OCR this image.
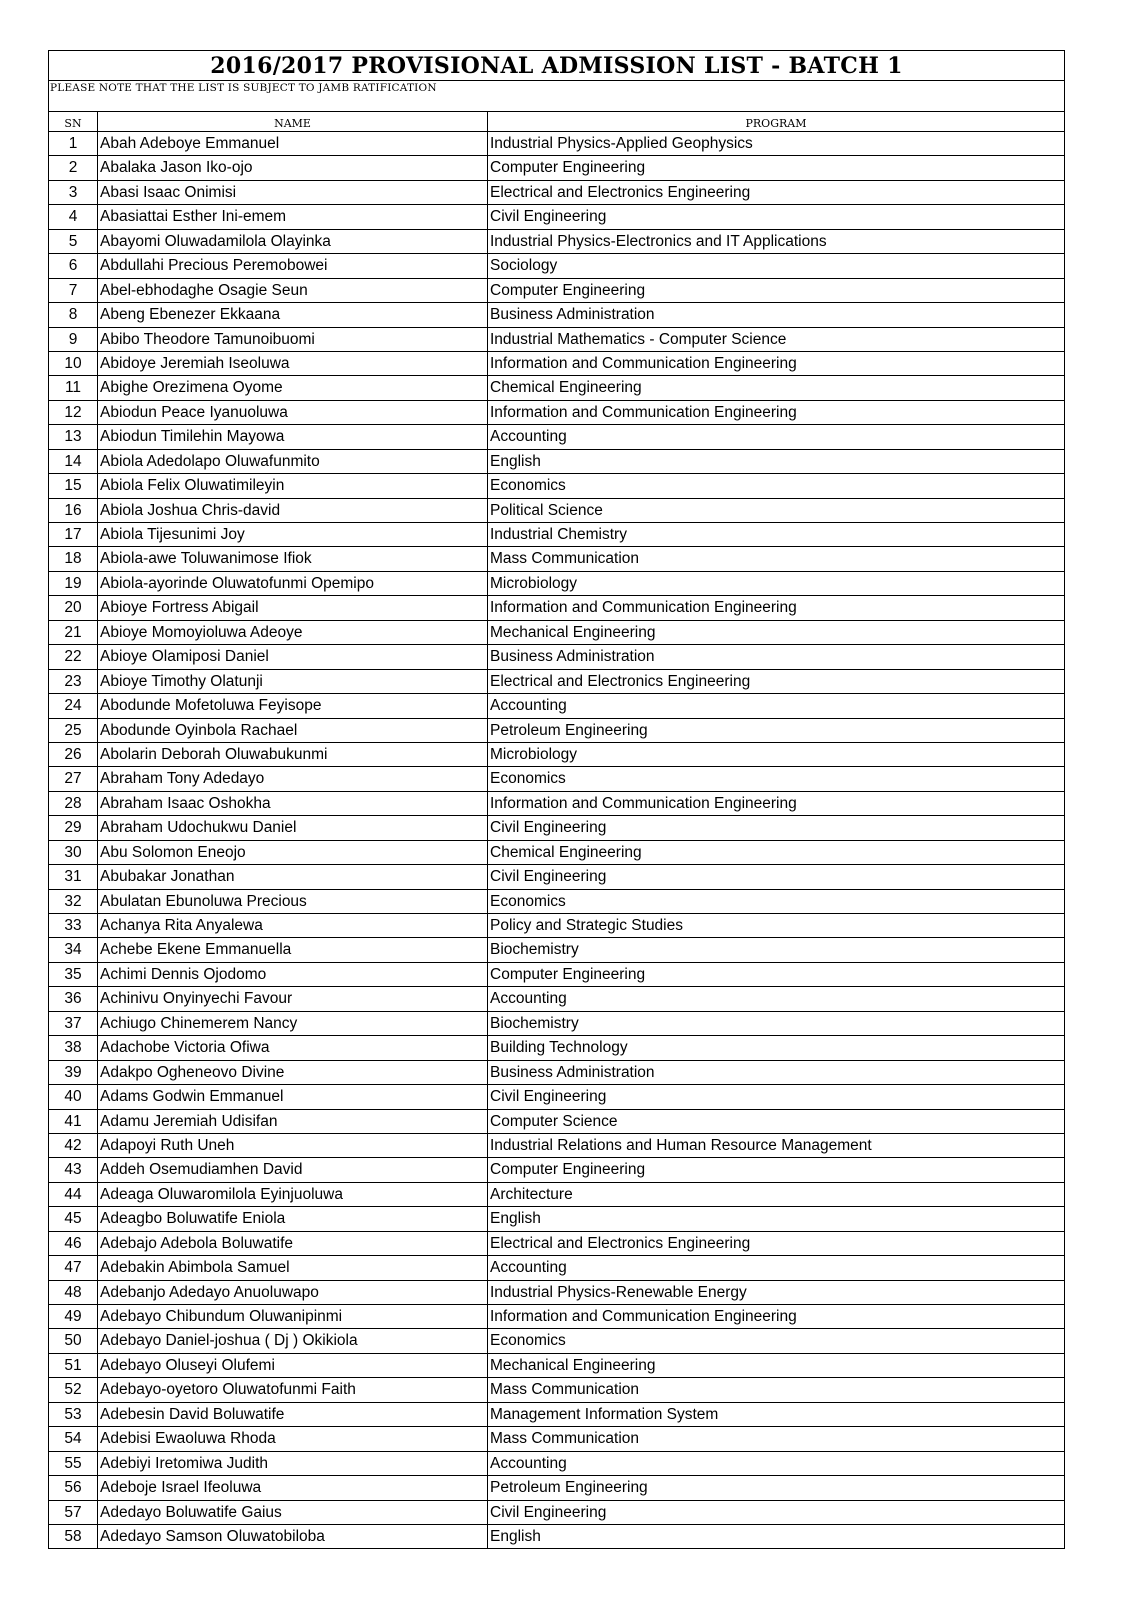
2016/2017 PROVISIONAL ADMISSION LIST - BATCH 1
PLEASE NOTE THAT THE LIST IS SUBJECT TO JAMB RATIFICATION
SN	NAME	PROGRAM
1	Abah Adeboye Emmanuel	Industrial Physics-Applied Geophysics
2	Abalaka Jason Iko-ojo	Computer Engineering
3	Abasi Isaac Onimisi	Electrical and Electronics Engineering
4	Abasiattai Esther Ini-emem	Civil Engineering
5	Abayomi Oluwadamilola Olayinka	Industrial Physics-Electronics and IT Applications
6	Abdullahi Precious Peremobowei	Sociology
7	Abel-ebhodaghe Osagie Seun	Computer Engineering
8	Abeng Ebenezer Ekkaana	Business Administration
9	Abibo Theodore Tamunoibuomi	Industrial Mathematics - Computer Science
10	Abidoye Jeremiah Iseoluwa	Information and Communication Engineering
11	Abighe Orezimena Oyome	Chemical Engineering
12	Abiodun Peace Iyanuoluwa	Information and Communication Engineering
13	Abiodun Timilehin Mayowa	Accounting
14	Abiola Adedolapo Oluwafunmito	English
15	Abiola Felix Oluwatimileyin	Economics
16	Abiola Joshua Chris-david	Political Science
17	Abiola Tijesunimi Joy	Industrial Chemistry
18	Abiola-awe Toluwanimose Ifiok	Mass Communication
19	Abiola-ayorinde Oluwatofunmi Opemipo	Microbiology
20	Abioye Fortress Abigail	Information and Communication Engineering
21	Abioye Momoyioluwa Adeoye	Mechanical Engineering
22	Abioye Olamiposi Daniel	Business Administration
23	Abioye Timothy Olatunji	Electrical and Electronics Engineering
24	Abodunde Mofetoluwa Feyisope	Accounting
25	Abodunde Oyinbola Rachael	Petroleum Engineering
26	Abolarin Deborah Oluwabukunmi	Microbiology
27	Abraham Tony Adedayo	Economics
28	Abraham Isaac Oshokha	Information and Communication Engineering
29	Abraham Udochukwu Daniel	Civil Engineering
30	Abu Solomon Eneojo	Chemical Engineering
31	Abubakar Jonathan	Civil Engineering
32	Abulatan Ebunoluwa Precious	Economics
33	Achanya Rita Anyalewa	Policy and Strategic Studies
34	Achebe Ekene Emmanuella	Biochemistry
35	Achimi Dennis Ojodomo	Computer Engineering
36	Achinivu Onyinyechi Favour	Accounting
37	Achiugo Chinemerem Nancy	Biochemistry
38	Adachobe Victoria Ofiwa	Building Technology
39	Adakpo Ogheneovo Divine	Business Administration
40	Adams Godwin Emmanuel	Civil Engineering
41	Adamu Jeremiah Udisifan	Computer Science
42	Adapoyi Ruth Uneh	Industrial Relations and Human Resource Management
43	Addeh Osemudiamhen David	Computer Engineering
44	Adeaga Oluwaromilola Eyinjuoluwa	Architecture
45	Adeagbo Boluwatife Eniola	English
46	Adebajo Adebola Boluwatife	Electrical and Electronics Engineering
47	Adebakin Abimbola Samuel	Accounting
48	Adebanjo Adedayo Anuoluwapo	Industrial Physics-Renewable Energy
49	Adebayo Chibundum Oluwanipinmi	Information and Communication Engineering
50	Adebayo Daniel-joshua ( Dj ) Okikiola	Economics
51	Adebayo Oluseyi Olufemi	Mechanical Engineering
52	Adebayo-oyetoro Oluwatofunmi Faith	Mass Communication
53	Adebesin David Boluwatife	Management Information System
54	Adebisi Ewaoluwa Rhoda	Mass Communication
55	Adebiyi Iretomiwa Judith	Accounting
56	Adeboje Israel Ifeoluwa	Petroleum Engineering
57	Adedayo Boluwatife Gaius	Civil Engineering
58	Adedayo Samson Oluwatobiloba	English
